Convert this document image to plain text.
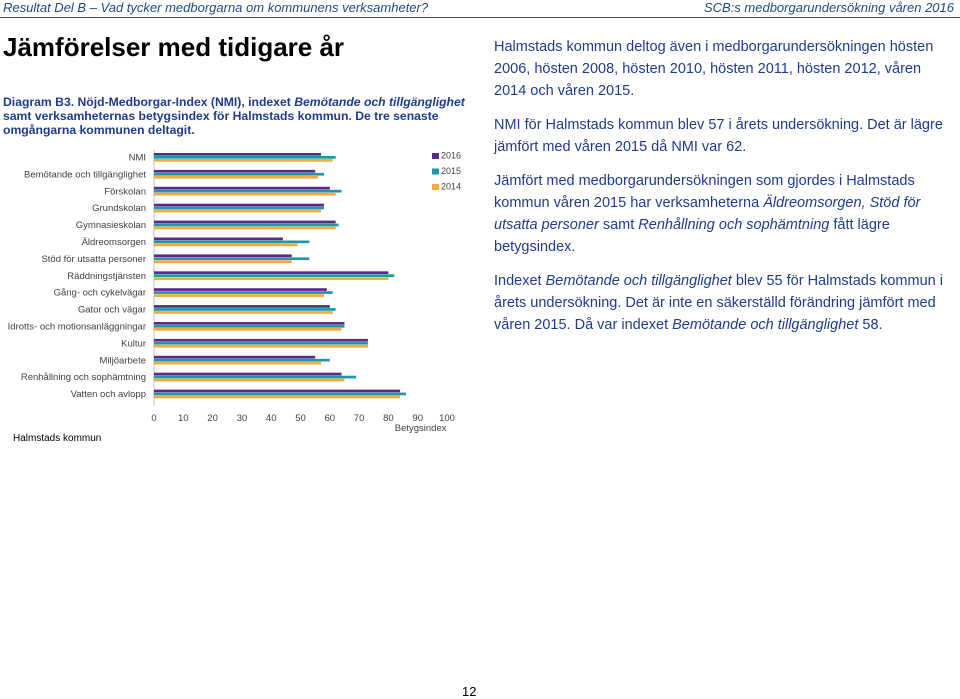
Resultat Del B – Vad tycker medborgarna om kommunens verksamheter?	SCB:s medborgarundersökning våren 2016
Jämförelser med tidigare år
Diagram B3. Nöjd-Medborgar-Index (NMI), indexet Bemötande och tillgänglighet samt verksamheternas betygsindex för Halmstads kommun. De tre senaste omgångarna kommunen deltagit.
NMI
Bemötande och tillgänglighet
Förskolan
Grundskolan
Gymnasieskolan
Äldreomsorgen
Stöd för utsatta personer
Räddningstjänsten
Gång- och cykelvägar
Gator och vägar
Idrotts- och motionsanläggningar
Kultur
Miljöarbete
Renhållning och sophämtning
Vatten och avlopp
0 10 20 30 40 50 60 70 80 90 100
Betygsindex
Halmstads kommun
2016
2015
2014

Halmstads kommun deltog även i medborgarundersökningen hösten 2006, hösten 2008, hösten 2010, hösten 2011, hösten 2012, våren 2014 och våren 2015.

NMI för Halmstads kommun blev 57 i årets undersökning. Det är lägre jämfört med våren 2015 då NMI var 62.

Jämfört med medborgarundersökningen som gjordes i Halmstads kommun våren 2015 har verksamheterna Äldreomsorgen, Stöd för utsatta personer samt Renhållning och sophämtning fått lägre betygsindex.

Indexet Bemötande och tillgänglighet blev 55 för Halmstads kommun i årets undersökning. Det är inte en säkerställd förändring jämfört med våren 2015. Då var indexet Bemötande och tillgänglighet 58.

12
